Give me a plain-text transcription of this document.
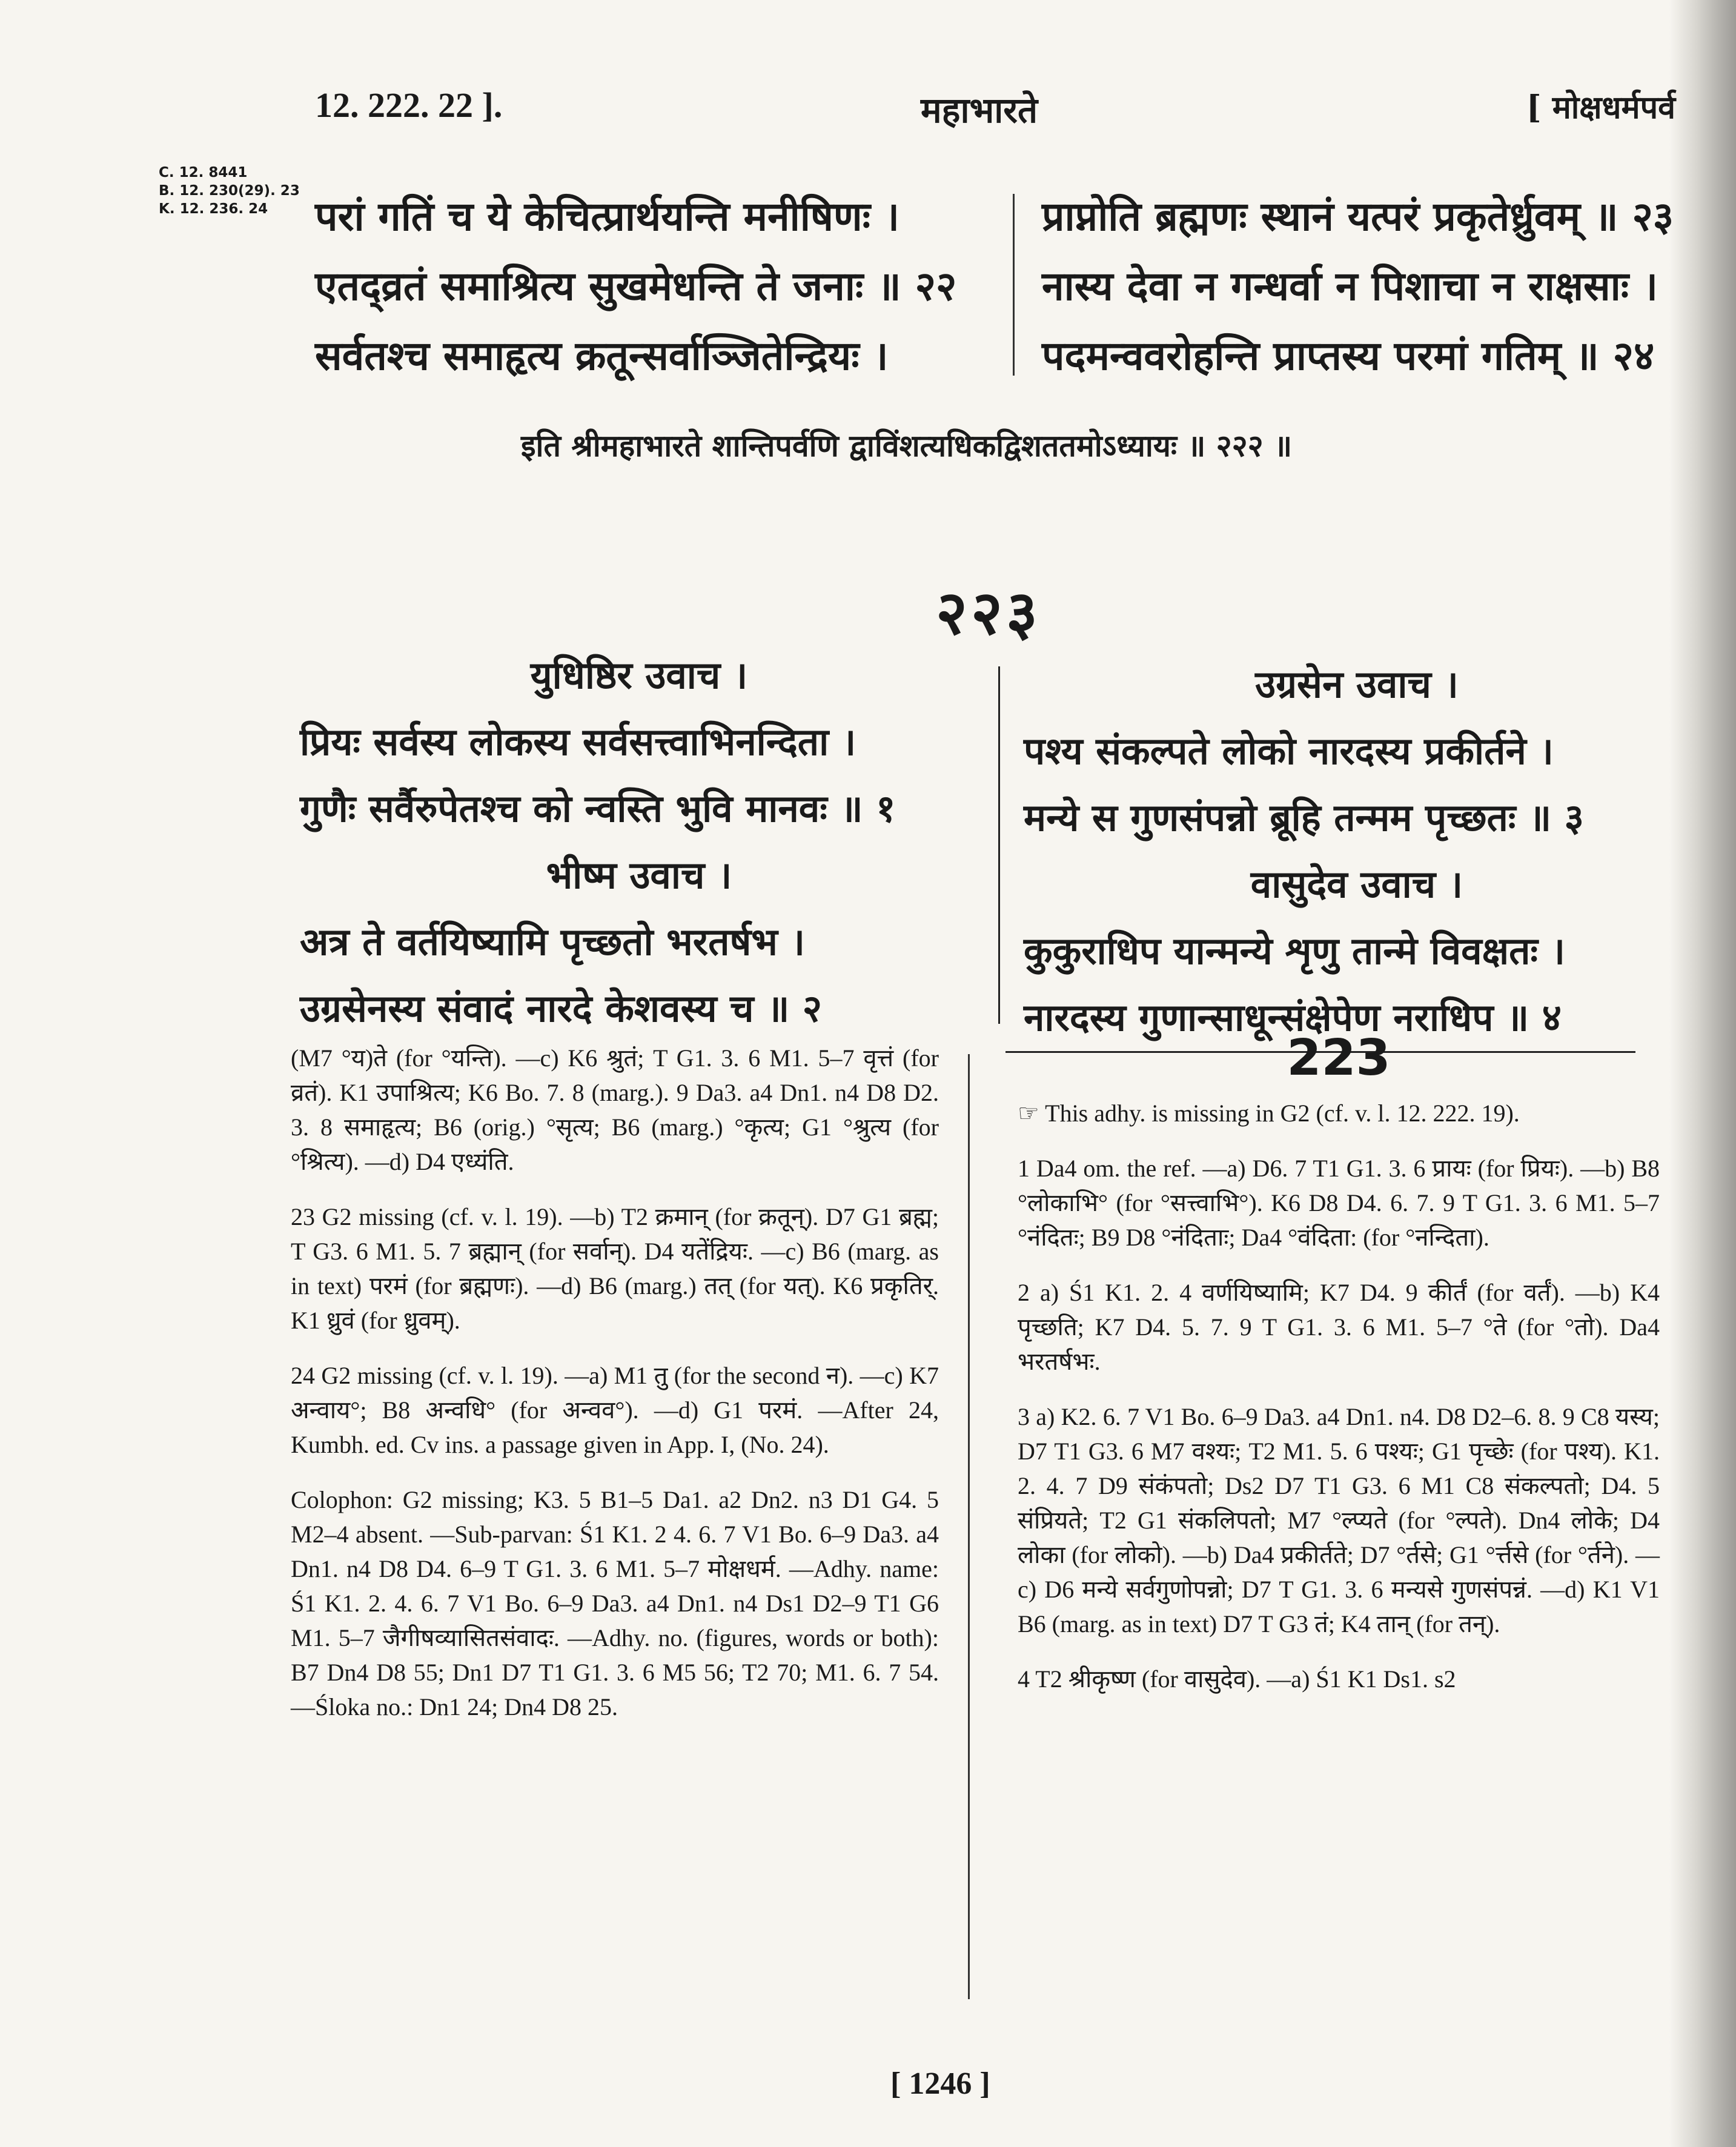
12. 222. 22 ].	महाभारते	[ मोक्षधर्मपर्व
C. 12. 8441
B. 12. 230(29). 23
K. 12. 236. 24	परां गतिं च ये केचित्प्रार्थयन्ति मनीषिणः ।
एतद्व्रतं समाश्रित्य सुखमेधन्ति ते जनाः ॥ २२
सर्वतश्च समाहृत्य क्रतून्सर्वाञ्जितेन्द्रियः ।
प्राप्नोति ब्रह्मणः स्थानं यत्परं प्रकृतेर्ध्रुवम् ॥ २३
नास्य देवा न गन्धर्वा न पिशाचा न राक्षसाः ।
पदमन्ववरोहन्ति प्राप्तस्य परमां गतिम् ॥ २४
इति श्रीमहाभारते शान्तिपर्वणि द्वाविंशत्यधिकद्विशततमोऽध्यायः ॥ २२२ ॥
२२३
युधिष्ठिर उवाच ।
प्रियः सर्वस्य लोकस्य सर्वसत्त्वाभिनन्दिता ।
गुणैः सर्वैरुपेतश्च को न्वस्ति भुवि मानवः ॥ १
भीष्म उवाच ।
अत्र ते वर्तयिष्यामि पृच्छतो भरतर्षभ ।
उग्रसेनस्य संवादं नारदे केशवस्य च ॥ २
उग्रसेन उवाच ।
पश्य संकल्पते लोको नारदस्य प्रकीर्तने ।
मन्ये स गुणसंपन्नो ब्रूहि तन्मम पृच्छतः ॥ ३
वासुदेव उवाच ।
कुकुराधिप यान्मन्ये शृणु तान्मे विवक्षतः ।
नारदस्य गुणान्साधून्संक्षेपेण नराधिप ॥ ४

(M7 °य)ते (for °यन्ति). —c) K6 श्रुतं; T G1. 3. 6 M1. 5–7 वृत्तं (for व्रतं). K1 उपाश्रित्य; K6 Bo. 7. 8 (marg.). 9 Da3. a4 Dn1. n4 D8 D2. 3. 8 समाहृत्य; B6 (orig.) °सृत्य; B6 (marg.) °कृत्य; G1 °श्रुत्य (for °श्रित्य). —d) D4 एध्यंति.

23 G2 missing (cf. v. l. 19). —b) T2 क्रमान् (for क्रतून्). D7 G1 ब्रह्म; T G3. 6 M1. 5. 7 ब्रह्मान् (for सर्वान्). D4 यतेंद्रियः. —c) B6 (marg. as in text) परमं (for ब्रह्मणः). —d) B6 (marg.) तत् (for यत्). K6 प्रकृतिर्. K1 ध्रुवं (for ध्रुवम्).

24 G2 missing (cf. v. l. 19). —a) M1 तु (for the second न). —c) K7 अन्वाय°; B8 अन्वधि° (for अन्वव°). —d) G1 परमं. —After 24, Kumbh. ed. Cv ins. a passage given in App. I, (No. 24).

Colophon: G2 missing; K3. 5 B1–5 Da1. a2 Dn2. n3 D1 G4. 5 M2–4 absent. —Sub-parvan: Ś1 K1. 2 4. 6. 7 V1 Bo. 6–9 Da3. a4 Dn1. n4 D8 D4. 6–9 T G1. 3. 6 M1. 5–7 मोक्षधर्म. —Adhy. name: Ś1 K1. 2. 4. 6. 7 V1 Bo. 6–9 Da3. a4 Dn1. n4 Ds1 D2–9 T1 G6 M1. 5–7 जैगीषव्यासितसंवादः. —Adhy. no. (figures, words or both): B7 Dn4 D8 55; Dn1 D7 T1 G1. 3. 6 M5 56; T2 70; M1. 6. 7 54. —Śloka no.: Dn1 24; Dn4 D8 25.

223

☞ This adhy. is missing in G2 (cf. v. l. 12. 222. 19).

1 Da4 om. the ref. —a) D6. 7 T1 G1. 3. 6 प्रायः (for प्रियः). —b) B8 °लोकाभि° (for °सत्त्वाभि°). K6 D8 D4. 6. 7. 9 T G1. 3. 6 M1. 5–7 °नंदितः; B9 D8 °नंदिताः; Da4 °वंदिता: (for °नन्दिता).

2 a) Ś1 K1. 2. 4 वर्णयिष्यामि; K7 D4. 9 कीर्तं (for वर्तं). —b) K4 पृच्छति; K7 D4. 5. 7. 9 T G1. 3. 6 M1. 5–7 °ते (for °तो). Da4 भरतर्षभः.

3 a) K2. 6. 7 V1 Bo. 6–9 Da3. a4 Dn1. n4. D8 D2–6. 8. 9 C8 यस्य; D7 T1 G3. 6 M7 वश्यः; T2 M1. 5. 6 पश्यः; G1 पृच्छेः (for पश्य). K1. 2. 4. 7 D9 संकंपतो; Ds2 D7 T1 G3. 6 M1 C8 संकल्पतो; D4. 5 संप्रियते; T2 G1 संकलिपतो; M7 °ल्प्यते (for °ल्पते). Dn4 लोके; D4 लोका (for लोको). —b) Da4 प्रकीर्तते; D7 °र्तसे; G1 °र्त्तसे (for °र्तने). —c) D6 मन्ये सर्वगुणोपन्नो; D7 T G1. 3. 6 मन्यसे गुणसंपन्नं. —d) K1 V1 B6 (marg. as in text) D7 T G3 तं; K4 तान् (for तन्).

4 T2 श्रीकृष्ण (for वासुदेव). —a) Ś1 K1 Ds1. s2

[ 1246 ]
